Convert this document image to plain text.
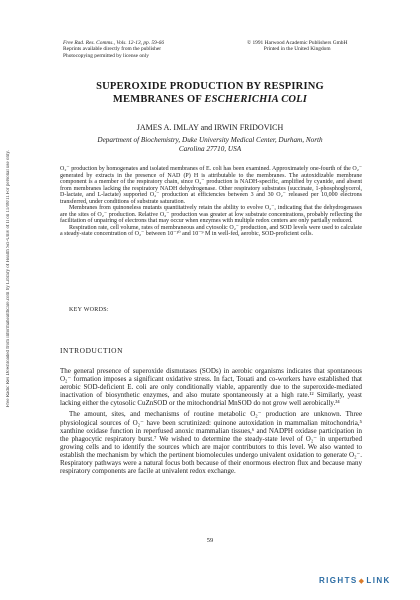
Free Radic Res Downloaded from informahealthcare.com by Library of Health Sci-Univ of Il on 11/08/11
For personal use only.
Free Rad. Res. Comms., Vols. 12-13, pp. 59-66
Reprints available directly from the publisher
Photocopying permitted by license only
© 1991 Harwood Academic Publishers GmbH
Printed in the United Kingdom
SUPEROXIDE PRODUCTION BY RESPIRING
MEMBRANES OF ESCHERICHIA COLI
JAMES A. IMLAY and IRWIN FRIDOVICH
Department of Biochemistry, Duke University Medical Center, Durham, North
Carolina 27710, USA

O₂⁻ production by homogenates and isolated membranes of E. coli has been examined. Approximately one-fourth of the O₂⁻ generated by extracts in the presence of NAD (P) H is attributable to the membranes. The autoxidizable membrane component is a member of the respiratory chain, since O₂⁻ production is NADH-specific, amplified by cyanide, and absent from membranes lacking the respiratory NADH dehydrogenase. Other respiratory substrates (succinate, 1-phosphoglycerol, D-lactate, and L-lactate) supported O₂⁻ production at efficiencies between 3 and 30 O₂⁻ released per 10,000 electrons transferred, under conditions of substrate saturation.

Membranes from quinoneless mutants quantitatively retain the ability to evolve O₂⁻, indicating that the dehydrogenases are the sites of O₂⁻ production. Relative O₂⁻ production was greater at low substrate concentrations, probably reflecting the facilitation of unpairing of electrons that may occur when enzymes with multiple redox centers are only partially reduced.

Respiration rate, cell volume, rates of membraneous and cytosolic O₂⁻ production, and SOD levels were used to calculate a steady-state concentration of O₂⁻ between 10⁻¹⁰ and 10⁻⁹ M in well-fed, aerobic, SOD-proficient cells.

KEY WORDS:
INTRODUCTION

The general presence of superoxide dismutases (SODs) in aerobic organisms indicates that spontaneous O₂⁻ formation imposes a significant oxidative stress. In fact, Touati and co-workers have established that aerobic SOD-deficient E. coli are only conditionally viable, apparently due to the superoxide-mediated inactivation of biosynthetic enzymes, and also mutate spontaneously at a high rate.¹² Similarly, yeast lacking either the cytosolic CuZnSOD or the mitochondrial MnSOD do not grow well aerobically.³⁴

The amount, sites, and mechanisms of routine metabolic O₂⁻ production are unknown. Three physiological sources of O₂⁻ have been scrutinized: quinone autoxidation in mammalian mitochondria,⁵ xanthine oxidase function in reperfused anoxic mammalian tissues,⁶ and NADPH oxidase participation in the phagocytic respiratory burst.⁷ We wished to determine the steady-state level of O₂⁻ in unperturbed growing cells and to identify the sources which are major contributors to this level. We also wanted to establish the mechanism by which the pertinent biomolecules undergo univalent oxidation to generate O₂⁻. Respiratory pathways were a natural focus both because of their enormous electron flux and because many respiratory components are facile at univalent redox exchange.

59
RIGHTS ◆ LINK
